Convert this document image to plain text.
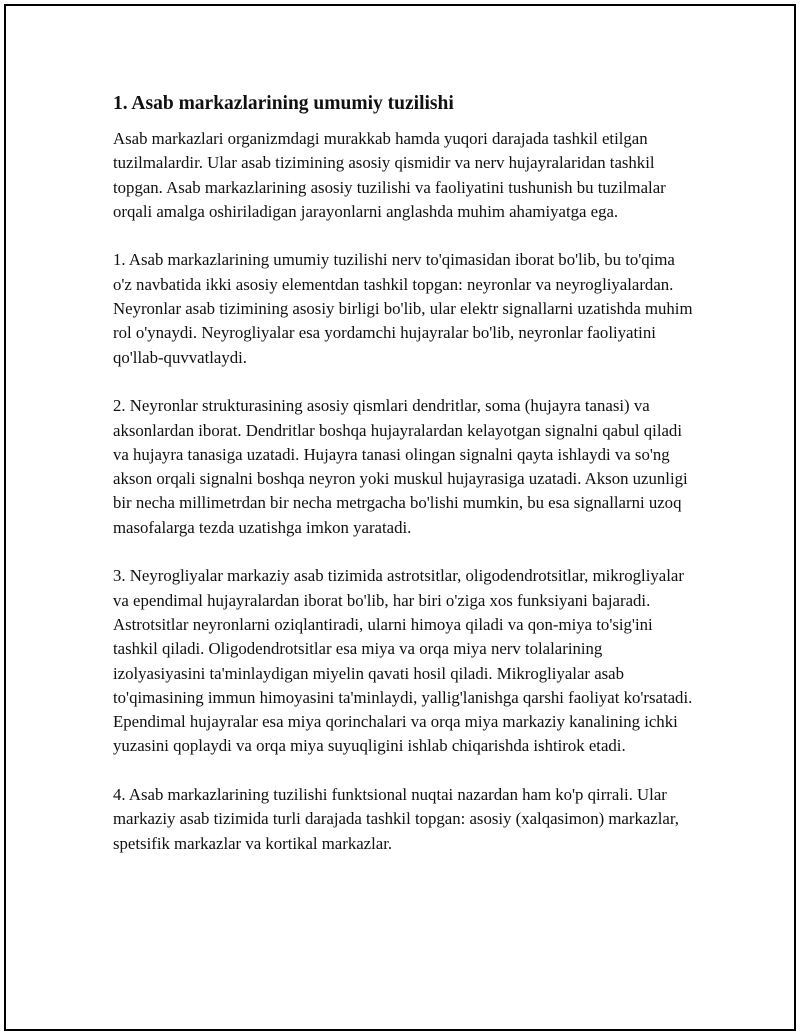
1. Asab markazlarining umumiy tuzilishi

Asab markazlari organizmdagi murakkab hamda yuqori darajada tashkil etilgan tuzilmalardir. Ular asab tizimining asosiy qismidir va nerv hujayralaridan tashkil topgan. Asab markazlarining asosiy tuzilishi va faoliyatini tushunish bu tuzilmalar orqali amalga oshiriladigan jarayonlarni anglashda muhim ahamiyatga ega.

1. Asab markazlarining umumiy tuzilishi nerv to'qimasidan iborat bo'lib, bu to'qima o'z navbatida ikki asosiy elementdan tashkil topgan: neyronlar va neyrogliyalardan. Neyronlar asab tizimining asosiy birligi bo'lib, ular elektr signallarni uzatishda muhim rol o'ynaydi. Neyrogliyalar esa yordamchi hujayralar bo'lib, neyronlar faoliyatini qo'llab-quvvatlaydi.

2. Neyronlar strukturasining asosiy qismlari dendritlar, soma (hujayra tanasi) va aksonlardan iborat. Dendritlar boshqa hujayralardan kelayotgan signalni qabul qiladi va hujayra tanasiga uzatadi. Hujayra tanasi olingan signalni qayta ishlaydi va so'ng akson orqali signalni boshqa neyron yoki muskul hujayrasiga uzatadi. Akson uzunligi bir necha millimetrdan bir necha metrgacha bo'lishi mumkin, bu esa signallarni uzoq masofalarga tezda uzatishga imkon yaratadi.

3. Neyrogliyalar markaziy asab tizimida astrotsitlar, oligodendrotsitlar, mikrogliyalar va ependimal hujayralardan iborat bo'lib, har biri o'ziga xos funksiyani bajaradi. Astrotsitlar neyronlarni oziqlantiradi, ularni himoya qiladi va qon-miya to'sig'ini tashkil qiladi. Oligodendrotsitlar esa miya va orqa miya nerv tolalarining izolyasiyasini ta'minlaydigan miyelin qavati hosil qiladi. Mikrogliyalar asab to'qimasining immun himoyasini ta'minlaydi, yallig'lanishga qarshi faoliyat ko'rsatadi. Ependimal hujayralar esa miya qorinchalari va orqa miya markaziy kanalining ichki yuzasini qoplaydi va orqa miya suyuqligini ishlab chiqarishda ishtirok etadi.

4. Asab markazlarining tuzilishi funktsional nuqtai nazardan ham ko'p qirrali. Ular markaziy asab tizimida turli darajada tashkil topgan: asosiy (xalqasimon) markazlar, spetsifik markazlar va kortikal markazlar.
